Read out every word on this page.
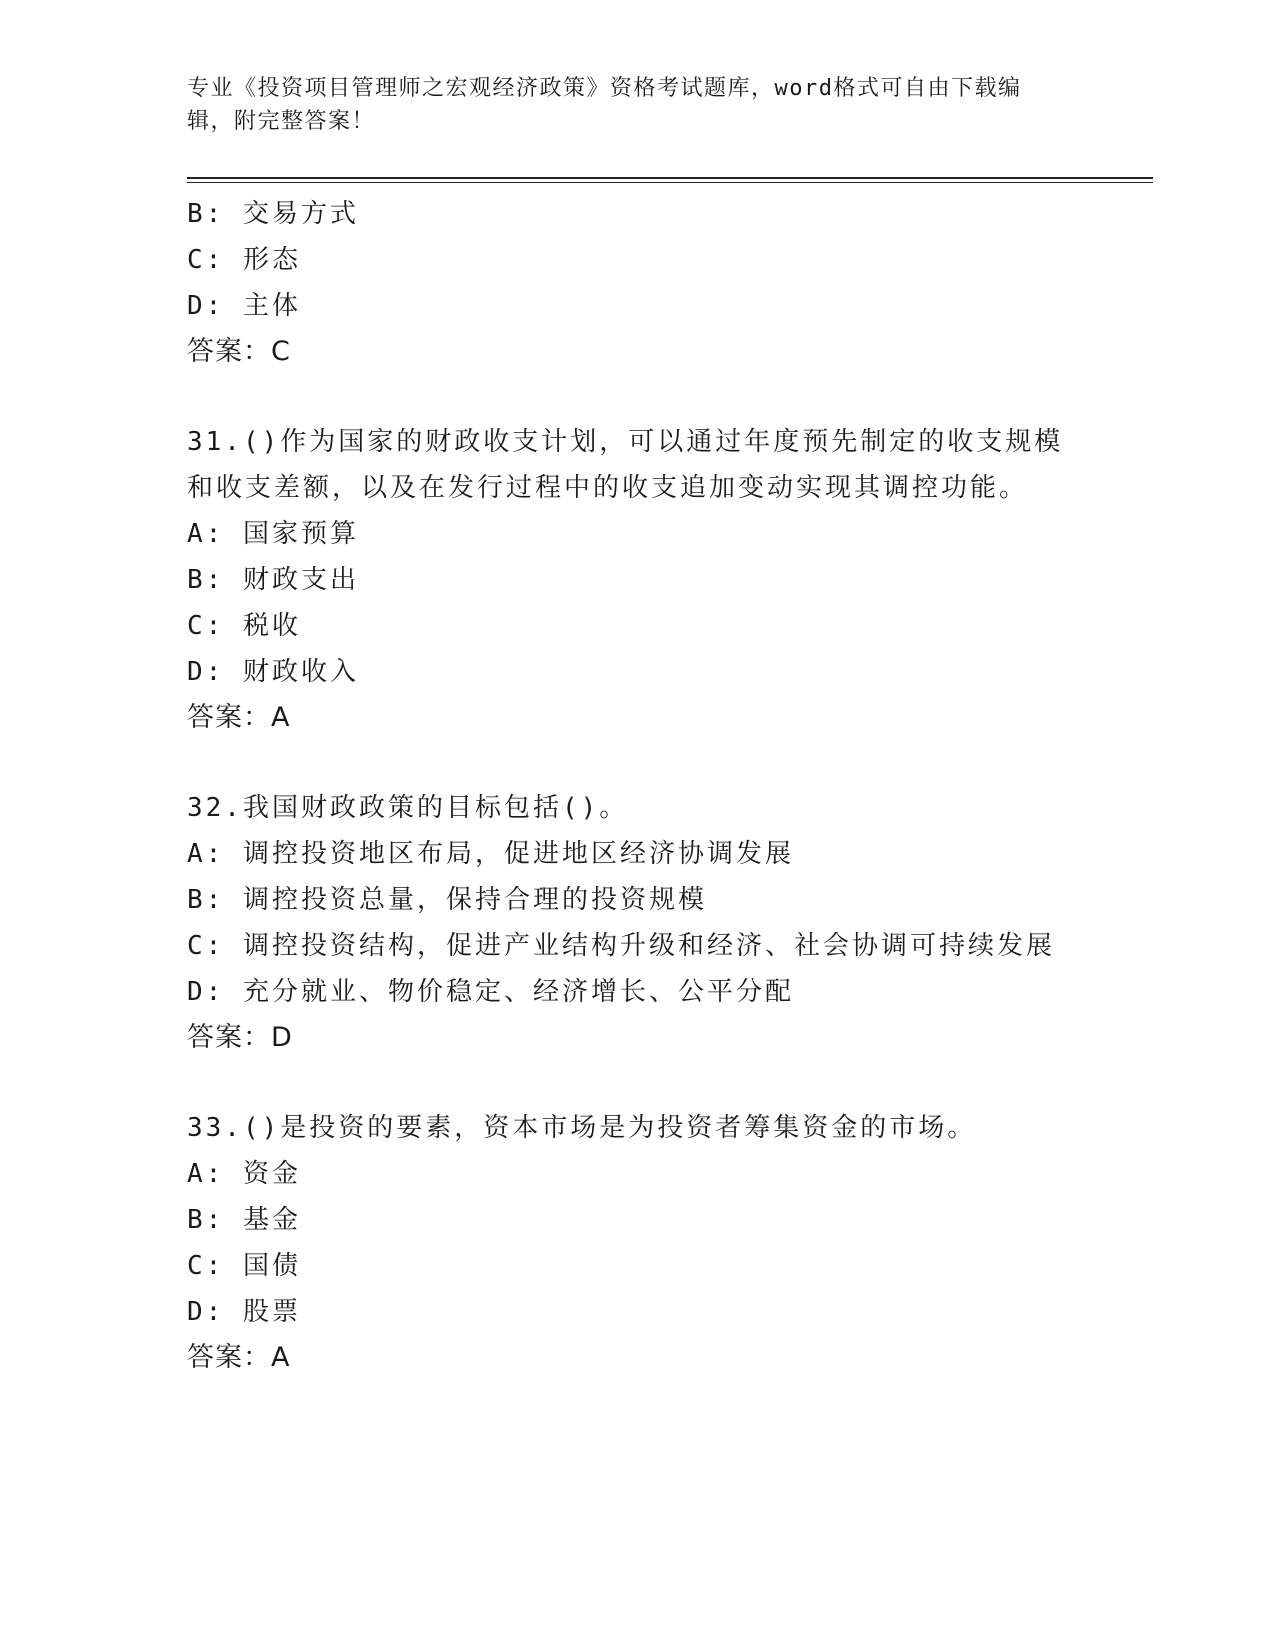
专业《投资项目管理师之宏观经济政策》资格考试题库，word格式可自由下载编辑，附完整答案！
B: 交易方式
C: 形态
D: 主体
答案：C
31.()作为国家的财政收支计划，可以通过年度预先制定的收支规模和收支差额，以及在发行过程中的收支追加变动实现其调控功能。
A: 国家预算
B: 财政支出
C: 税收
D: 财政收入
答案：A
32.我国财政政策的目标包括()。
A: 调控投资地区布局，促进地区经济协调发展
B: 调控投资总量，保持合理的投资规模
C: 调控投资结构，促进产业结构升级和经济、社会协调可持续发展
D: 充分就业、物价稳定、经济增长、公平分配
答案：D
33.()是投资的要素，资本市场是为投资者筹集资金的市场。
A: 资金
B: 基金
C: 国债
D: 股票
答案：A
